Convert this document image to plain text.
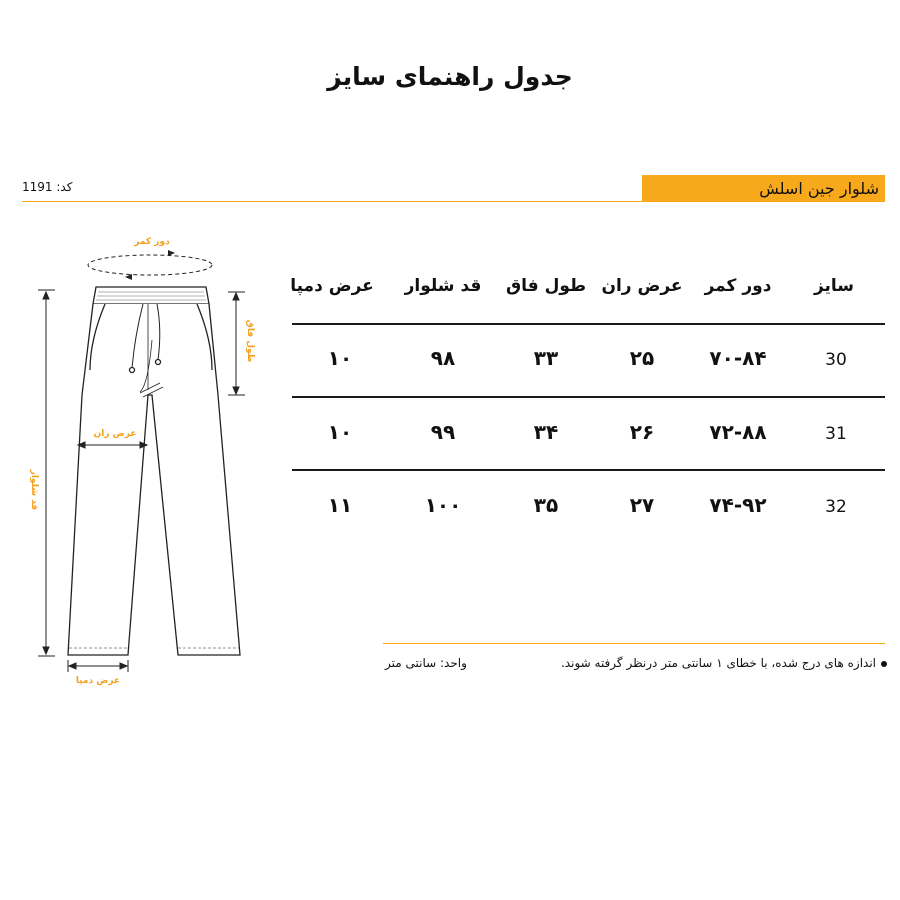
جدول راهنمای سایز
شلوار جین اسلش
کد: 1191
دور کمر
طول فاق
عرض ران
قد شلوار
عرض دمپا
سایز
دور کمر
عرض ران
طول فاق
قد شلوار
عرض دمپا
30
۷۰-۸۴
۲۵
۳۳
۹۸
۱۰
31
۷۲-۸۸
۲۶
۳۴
۹۹
۱۰
32
۷۴-۹۲
۲۷
۳۵
۱۰۰
۱۱
اندازه های درج شده، با خطای ۱ سانتی متر درنظر گرفته شوند.
واحد: سانتی متر
